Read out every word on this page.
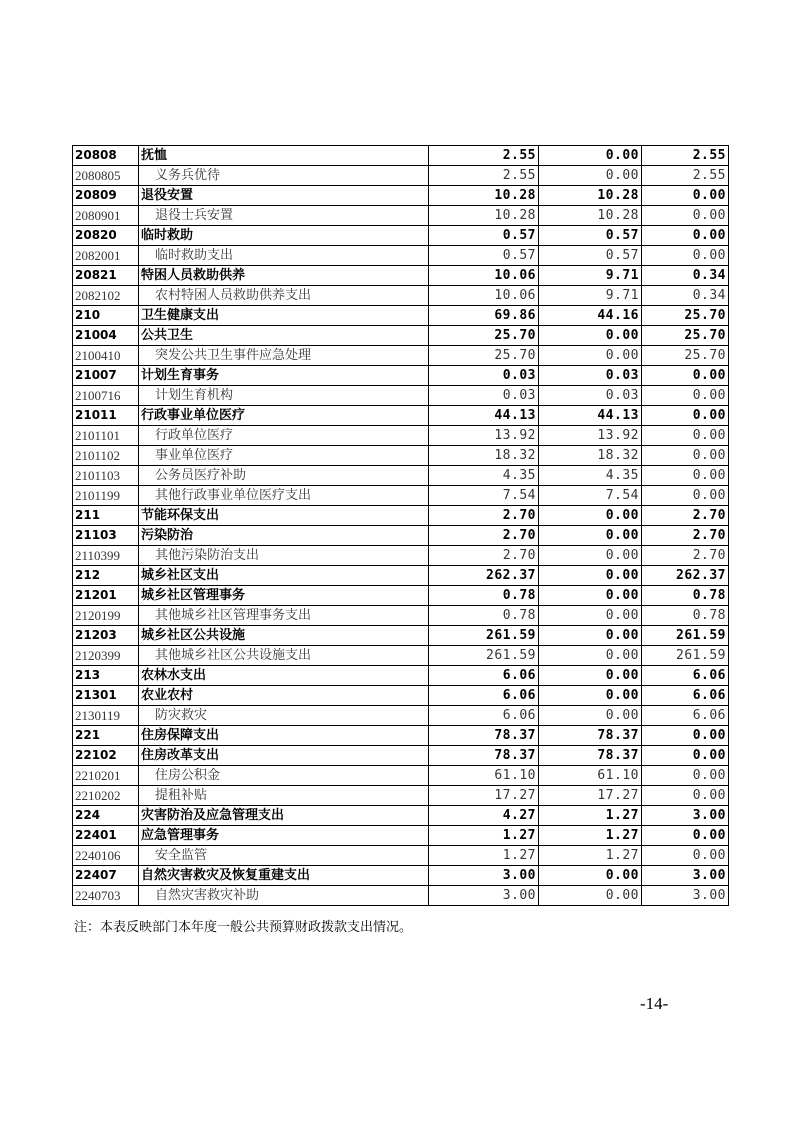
20808	抚恤	2.55	0.00	2.55
2080805	义务兵优待	2.55	0.00	2.55
20809	退役安置	10.28	10.28	0.00
2080901	退役士兵安置	10.28	10.28	0.00
20820	临时救助	0.57	0.57	0.00
2082001	临时救助支出	0.57	0.57	0.00
20821	特困人员救助供养	10.06	9.71	0.34
2082102	农村特困人员救助供养支出	10.06	9.71	0.34
210	卫生健康支出	69.86	44.16	25.70
21004	公共卫生	25.70	0.00	25.70
2100410	突发公共卫生事件应急处理	25.70	0.00	25.70
21007	计划生育事务	0.03	0.03	0.00
2100716	计划生育机构	0.03	0.03	0.00
21011	行政事业单位医疗	44.13	44.13	0.00
2101101	行政单位医疗	13.92	13.92	0.00
2101102	事业单位医疗	18.32	18.32	0.00
2101103	公务员医疗补助	4.35	4.35	0.00
2101199	其他行政事业单位医疗支出	7.54	7.54	0.00
211	节能环保支出	2.70	0.00	2.70
21103	污染防治	2.70	0.00	2.70
2110399	其他污染防治支出	2.70	0.00	2.70
212	城乡社区支出	262.37	0.00	262.37
21201	城乡社区管理事务	0.78	0.00	0.78
2120199	其他城乡社区管理事务支出	0.78	0.00	0.78
21203	城乡社区公共设施	261.59	0.00	261.59
2120399	其他城乡社区公共设施支出	261.59	0.00	261.59
213	农林水支出	6.06	0.00	6.06
21301	农业农村	6.06	0.00	6.06
2130119	防灾救灾	6.06	0.00	6.06
221	住房保障支出	78.37	78.37	0.00
22102	住房改革支出	78.37	78.37	0.00
2210201	住房公积金	61.10	61.10	0.00
2210202	提租补贴	17.27	17.27	0.00
224	灾害防治及应急管理支出	4.27	1.27	3.00
22401	应急管理事务	1.27	1.27	0.00
2240106	安全监管	1.27	1.27	0.00
22407	自然灾害救灾及恢复重建支出	3.00	0.00	3.00
2240703	自然灾害救灾补助	3.00	0.00	3.00
注：本表反映部门本年度一般公共预算财政拨款支出情况。
-14-
